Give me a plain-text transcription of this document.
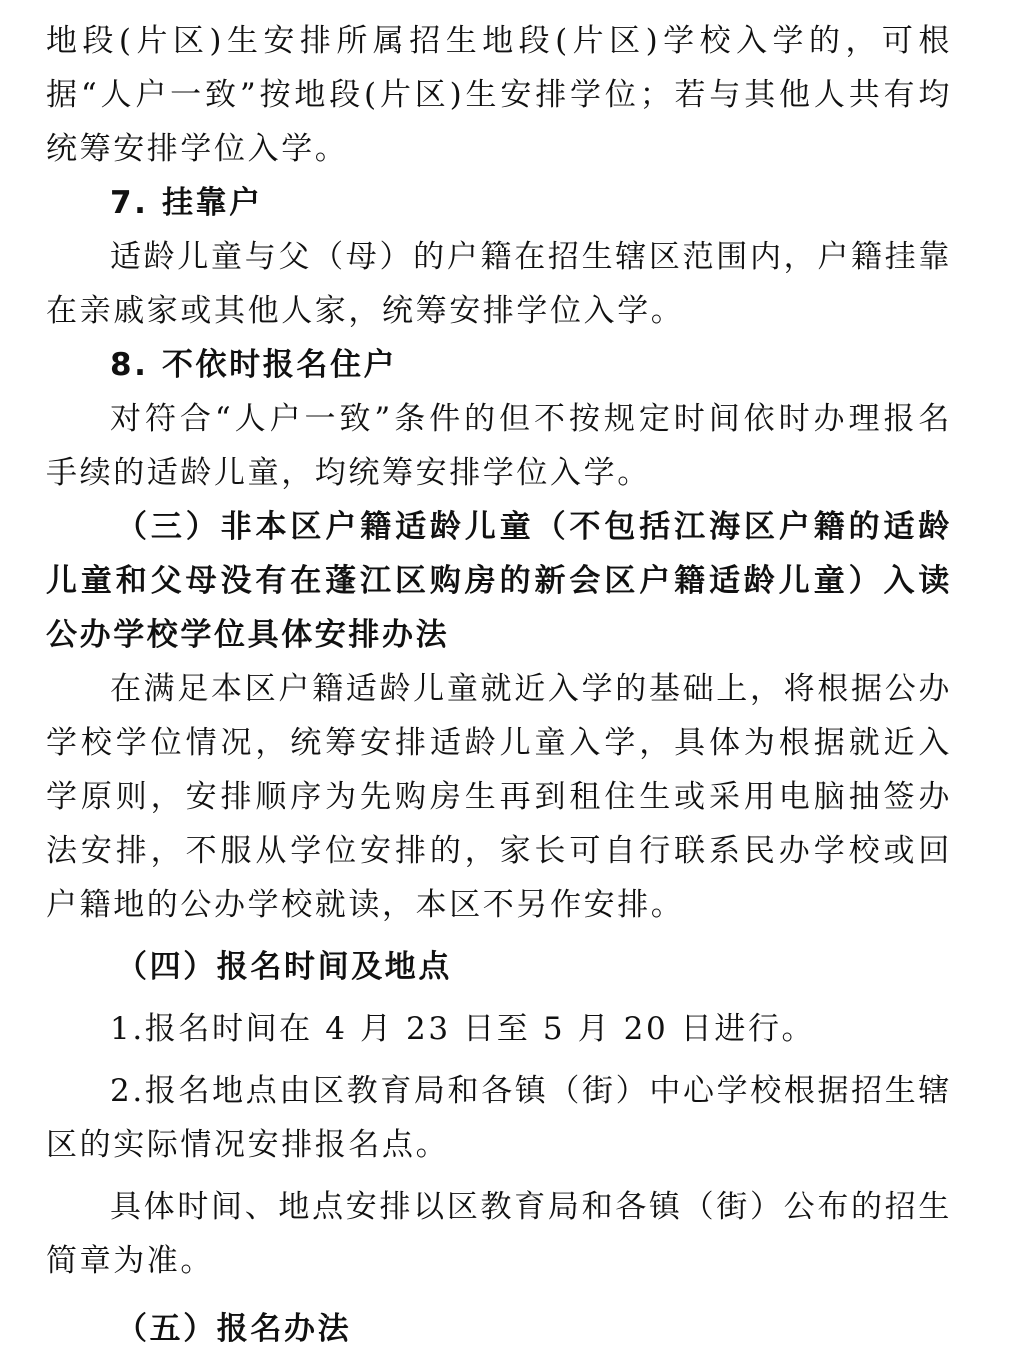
地段(片区)生安排所属招生地段(片区)学校入学的，可根据“人户一致”按地段(片区)生安排学位；若与其他人共有均统筹安排学位入学。

7. 挂靠户

适龄儿童与父（母）的户籍在招生辖区范围内，户籍挂靠在亲戚家或其他人家，统筹安排学位入学。

8. 不依时报名住户

对符合“人户一致”条件的但不按规定时间依时办理报名手续的适龄儿童，均统筹安排学位入学。

（三）非本区户籍适龄儿童（不包括江海区户籍的适龄儿童和父母没有在蓬江区购房的新会区户籍适龄儿童）入读公办学校学位具体安排办法

在满足本区户籍适龄儿童就近入学的基础上，将根据公办学校学位情况，统筹安排适龄儿童入学，具体为根据就近入学原则，安排顺序为先购房生再到租住生或采用电脑抽签办法安排，不服从学位安排的，家长可自行联系民办学校或回户籍地的公办学校就读，本区不另作安排。

（四）报名时间及地点

1.报名时间在 4 月 23 日至 5 月 20 日进行。

2.报名地点由区教育局和各镇（街）中心学校根据招生辖区的实际情况安排报名点。

具体时间、地点安排以区教育局和各镇（街）公布的招生简章为准。

（五）报名办法
